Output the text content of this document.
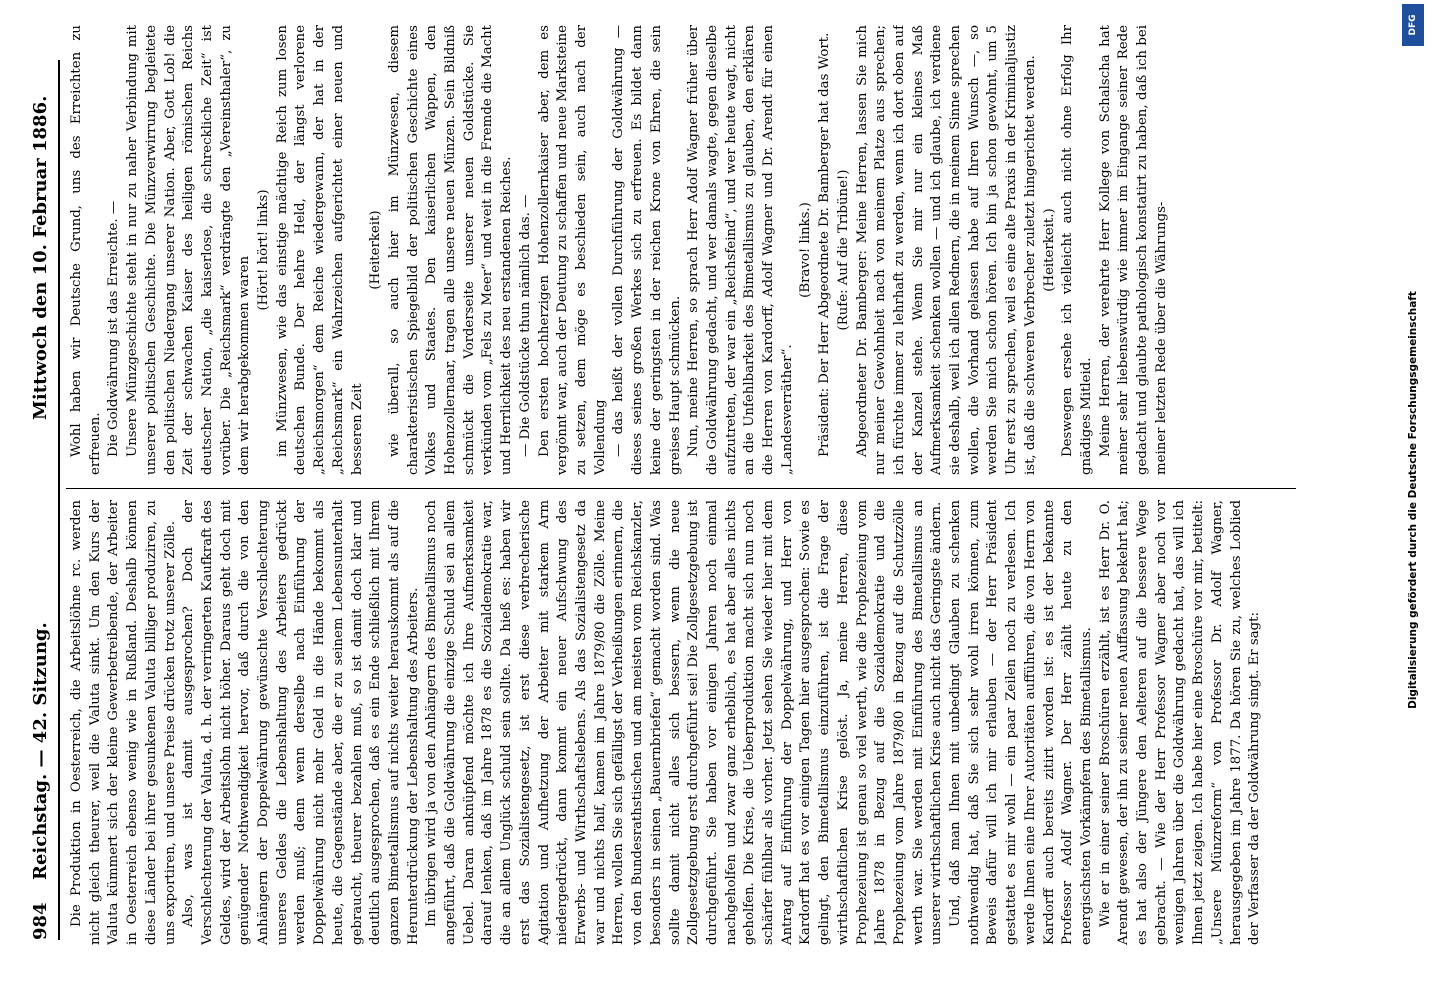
984
Reichstag. — 42. Sitzung.
Mittwoch den 10. Februar 1886.

Die Produktion in Oesterreich, die Arbeitslöhne rc. werden nicht gleich theurer, weil die Valuta sinkt. Um den Kurs der Valuta kümmert sich der kleine Gewerbetreibende, der Arbeiter in Oesterreich ebenso wenig wie in Rußland. Deshalb können diese Länder bei ihrer gesunkenen Valuta billiger produziren, zu uns exportiren, und unsere Preise drücken trotz unserer Zölle. Also, was ist damit ausgesprochen? Doch der Verschlechterung der Valuta, d. h. der verringerten Kaufkraft des Geldes, wird der Arbeitslohn nicht höher. Daraus geht doch mit genügender Nothwendigkeit hervor, daß durch die von den Anhängern der Doppelwährung gewünschte Verschlechterung unseres Geldes die Lebenshaltung des Arbeiters gedrückt werden muß; denn wenn derselbe nach Einführung der Doppelwährung nicht mehr Geld in die Hände bekommt als heute, die Gegenstände aber, die er zu seinem Lebensunterhalt gebraucht, theurer bezahlen muß, so ist damit doch klar und deutlich ausgesprochen, daß es ein Ende schließlich mit Ihrem ganzen Bimetallismus auf nichts weiter herauskommt als auf die Herunterdrückung der Lebenshaltung des Arbeiters. Im übrigen wird ja von den Anhängern des Bimetallismus noch angeführt, daß die Goldwährung die einzige Schuld sei an allem Uebel. Daran anknüpfend möchte ich Ihre Aufmerksamkeit darauf lenken, daß im Jahre 1878 es die Sozialdemokratie war, die an allem Unglück schuld sein sollte. Da hieß es: haben wir erst das Sozialistengesetz, ist erst diese verbrecherische Agitation und Aufhetzung der Arbeiter mit starkem Arm niedergedrückt, dann kommt ein neuer Aufschwung des Erwerbs- und Wirthschaftslebens. Als das Sozialistengesetz da war und nichts half, kamen im Jahre 1879/80 die Zölle. Meine Herren, wollen Sie sich gefälligst der Verheißungen erinnern, die von den Bundesrathstischen und am meisten vom Reichskanzler, besonders in seinen „Bauernbriefen“ gemacht worden sind. Was sollte damit nicht alles sich bessern, wenn die neue Zollgesetzgebung erst durchgeführt sei! Die Zollgesetzgebung ist durchgeführt. Sie haben vor einigen Jahren noch einmal nachgeholfen und zwar ganz erheblich, es hat aber alles nichts geholfen. Die Krise, die Ueberproduktion macht sich nun noch schärfer fühlbar als vorher. Jetzt sehen Sie wieder hier mit dem Antrag auf Einführung der Doppelwährung, und Herr von Kardorff hat es vor einigen Tagen hier ausgesprochen: Sowie es gelingt, den Bimetallismus einzuführen, ist die Frage der wirthschaftlichen Krise gelöst. Ja, meine Herren, diese Prophezeiung ist genau so viel werth, wie die Prophezeiung vom Jahre 1878 in Bezug auf die Sozialdemokratie und die Prophezeiung vom Jahre 1879/80 in Bezug auf die Schutzzölle werth war. Sie werden mit Einführung des Bimetallismus an unserer wirthschaftlichen Krise auch nicht das Geringste ändern. Und, daß man Ihnen mit unbedingt Glauben zu schenken nothwendig hat, daß Sie sich sehr wohl irren können, zum Beweis dafür will ich mir erlauben — der Herr Präsident gestattet es mir wohl — ein paar Zeilen noch zu verlesen. Ich werde Ihnen eine Ihrer Autoritäten aufführen, die von Herrn von Kardorff auch bereits zitirt worden ist: es ist der bekannte Professor Adolf Wagner. Der Herr zählt heute zu den energischsten Vorkämpfern des Bimetallismus. Wie er in einer seiner Broschüren erzählt, ist es Herr Dr. O. Arendt gewesen, der ihn zu seiner neuen Auffassung bekehrt hat; es hat also der Jüngere den Aelteren auf die bessere Wege gebracht. — Wie der Herr Professor Wagner aber noch vor wenigen Jahren über die Goldwährung gedacht hat, das will ich Ihnen jetzt zeigen. Ich habe hier eine Broschüre vor mir, betitelt: „Unsere Münzreform“ von Professor Dr. Adolf Wagner, herausgegeben im Jahre 1877. Da hören Sie zu, welches Loblied der Verfasser da der Goldwährung singt. Er sagt:

Wohl haben wir Deutsche Grund, uns des Erreichten zu erfreuen. Die Goldwährung ist das Erreichte. — Unsere Münzgeschichte steht in nur zu naher Verbindung mit unserer politischen Geschichte. Die Münzverwirrung begleitete den politischen Niedergang unserer Nation. Aber, Gott Lob! die Zeit der schwachen Kaiser des heiligen römischen Reichs deutscher Nation, „die kaiserlose, die schreckliche Zeit“ ist vorüber. Die „Reichsmark“ verdrängte den „Vereinsthaler“, zu dem wir herabgekommen waren

(Hört! hört! links) im Münzwesen, wie das einstige mächtige Reich zum losen deutschen Bunde. Der hehre Held, der längst verlorene „Reichsmorgen“ dem Reiche wiedergewann, der hat in der „Reichsmark“ ein Wahrzeichen aufgerichtet einer neuen und besseren Zeit

(Heiterkeit) wie überall, so auch hier im Münzwesen, diesem charakteristischen Spiegelbild der politischen Geschichte eines Volkes und Staates. Den kaiserlichen Wappen, den Hohenzollernaar, tragen alle unsere neuen Münzen. Sein Bildniß schmückt die Vorderseite unserer neuen Goldstücke. Sie verkünden vom „Fels zu Meer“ und weit in die Fremde die Macht und Herrlichkeit des neu erstandenen Reiches. — Die Goldstücke thun nämlich das. — Den ersten hochherzigen Hohenzollernkaiser aber, dem es vergönnt war, auch der Deutung zu schaffen und neue Marksteine zu setzen, dem möge es beschieden sein, auch nach der Vollendung — das heißt der vollen Durchführung der Goldwährung — dieses seines großen Werkes sich zu erfreuen. Es bildet dann keine der geringsten in der reichen Krone von Ehren, die sein greises Haupt schmücken. Nun, meine Herren, so sprach Herr Adolf Wagner früher über die Goldwährung gedacht, und wer damals wagte, gegen dieselbe aufzutreten, der war ein „Reichsfeind“, und wer heute wagt, nicht an die Unfehlbarkeit des Bimetallismus zu glauben, den erklären die Herren von Kardorff, Adolf Wagner und Dr. Arendt für einen „Landesverräther“.

(Bravo! links.) Präsident: Der Herr Abgeordnete Dr. Bamberger hat das Wort. (Rufe: Auf die Tribüne!) Abgeordneter Dr. Bamberger: Meine Herren, lassen Sie mich nur meiner Gewohnheit nach von meinem Platze aus sprechen; ich fürchte immer zu lehrhaft zu werden, wenn ich dort oben auf der Kanzel stehe. Wenn Sie mir nur ein kleines Maß Aufmerksamkeit schenken wollen — und ich glaube, ich verdiene sie deshalb, weil ich allen Rednern, die in meinem Sinne sprechen wollen, die Vorhand gelassen habe auf Ihren Wunsch —, so werden Sie mich schon hören. Ich bin ja schon gewohnt, um 5 Uhr erst zu sprechen, weil es eine alte Praxis in der Kriminaljustiz ist, daß die schweren Verbrecher zuletzt hingerichtet werden. (Heiterkeit.) Deswegen ersehe ich vielleicht auch nicht ohne Erfolg Ihr gnädiges Mitleid. Meine Herren, der verehrte Herr Kollege von Schalscha hat meiner sehr liebenswürdig wie immer im Eingange seiner Rede gedacht und glaubte pathologisch konstatirt zu haben, daß ich bei meiner letzten Rede über die Währungs-

DFG
Digitalisierung gefördert durch die Deutsche Forschungsgemeinschaft
